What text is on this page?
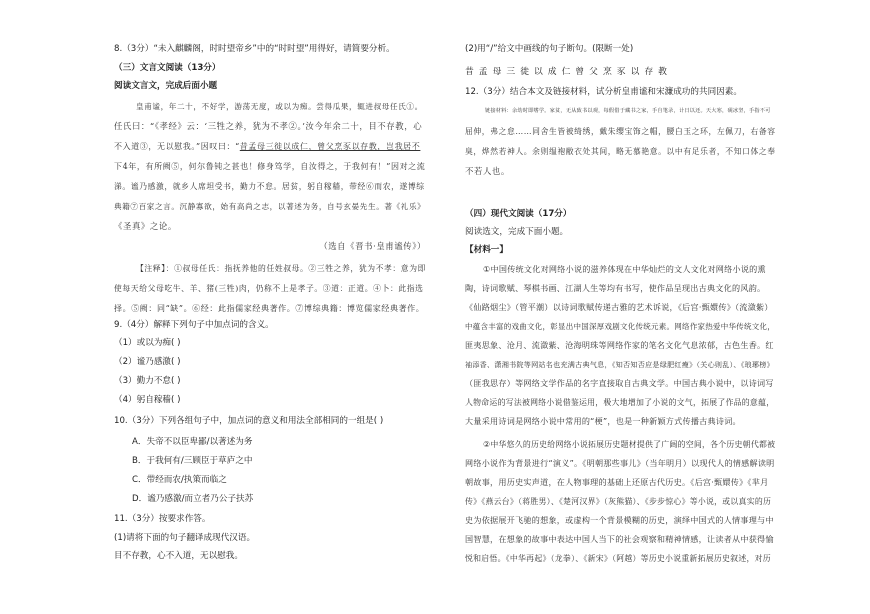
8.（3分）“未入麒麟阁，时时望帝乡”中的“时时望”用得好，请简要分析。
（三）文言文阅读（13分）
阅读文言文，完成后面小题
皇甫谧，年二十，不好学，游荡无度，或以为痴。尝得瓜果，辄进叔母任氏①。
任氏曰：“《孝经》云：‘三牲之养，犹为不孝②。’汝今年余二十，目不存教，心
不入道③，无以慰我。”因叹曰：“昔孟母三徙以成仁，曾父烹豕以存教，岂我居不
下4年，有所阙⑤，何尔鲁钝之甚也！修身笃学，自汝得之，于我何有！”因对之流
涕。谧乃感激，就乡人席坦受书，勤力不怠。居贫，躬自稼穑，带经⑥而农，遂博综
典籍⑦百家之言。沉静寡欲，始有高尚之志，以著述为务，自号玄晏先生。著《礼乐》
《圣真》之论。
（选自《晋书·皇甫谧传》）
【注释】：①叔母任氏：指抚养他的任姓叔母。②三牲之养，犹为不孝：意为即
使每天给父母吃牛、羊、猪(三牲)肉，仍称不上是孝子。③道：正道。④卜：此指选
择。⑤阙：同“缺”。⑥经：此指儒家经典著作。⑦博综典籍：博览儒家经典著作。
9.（4分）解释下列句子中加点词的含义。
（1）或以为痴( )
（2）谧乃感激( )
（3）勤力不怠( )
（4）躬自稼穑( )
10.（3分）下列各组句子中，加点词的意义和用法全部相同的一组是( )
A．失帝不以臣卑鄙/以著述为务
B．于我何有/三顾臣于草庐之中
C．带经而农/执策而临之
D．谧乃感激/而立者乃公子扶苏
11.（3分）按要求作答。
(1)请将下面的句子翻译成现代汉语。
目不存教，心不入道，无以慰我。
(2)用“/”给文中画线的句子断句。(限断一处)
昔孟母三徙以成仁曾父烹豕以存教
12.（3分）结合本文及链接材料，试分析皇甫谧和宋濂成功的共同因素。
链接材料：余幼时即嗜学。家贫，无从致书以观，每假借于藏书之家，手自笔录，计日以还。天大寒，砚冰坚，手指不可
屈伸，弗之怠……同舍生皆被绮绣，戴朱缨宝饰之帽，腰白玉之环，左佩刀，右备容
臭，烨然若神人。余则缊袍敝衣处其间，略无慕艳意。以中有足乐者，不知口体之奉
不若人也。
（四）现代文阅读（17分）
阅读选文，完成下面小题。
【材料一】
①中国传统文化对网络小说的滋养体现在中华灿烂的文人文化对网络小说的熏
陶，诗词歌赋、琴棋书画、江湖人生等均有书写，使作品呈现出古典文化的风韵。
《仙路烟尘》（管平潮）以诗词歌赋传递古雅的艺术诉说，《后宫·甄嬛传》（流潋紫）
中蕴含丰富的戏曲文化，彰显出中国深厚戏剧文化传统元素。网络作家热爱中华传统文化，
匪夷思象、沧月、流潋紫、沧海明珠等网络作家的笔名文化气息浓郁，古色生香。红
袖添香、潇湘书院等网站名也充满古典气息，《知否知否应是绿肥红瘦》（关心则乱）、《琅琊榜》
（匪我思存）等网络文学作品的名字直接取自古典文学。中国古典小说中，以诗词写
人物命运的写法被网络小说借鉴运用，极大地增加了小说的文气，拓展了作品的意蕴，
大量采用诗词是网络小说中常用的“梗”，也是一种新颖方式传播古典诗词。
②中华悠久的历史给网络小说拓展历史题材提供了广阔的空间，各个历史朝代都被
网络小说作为背景进行“演义”。《明朝那些事儿》（当年明月）以现代人的情感解读明
朝故事，用历史实声道，在人物事理的基础上还原古代历史。《后宫·甄嬛传》《芈月
传》《燕云台》（蒋胜男）、《楚河汉界》（灰熊猫）、《步步惊心》等小说，或以真实的历
史为依据展开飞驰的想象，或虚构一个背景模糊的历史，演绎中国式的人情事理与中
国智慧，在想象的故事中表达中国人当下的社会观察和精神情感，让读者从中获得愉
悦和启悟。《中华再起》（龙拳）、《新宋》（阿越）等历史小说重新拓展历史叙述，对历
